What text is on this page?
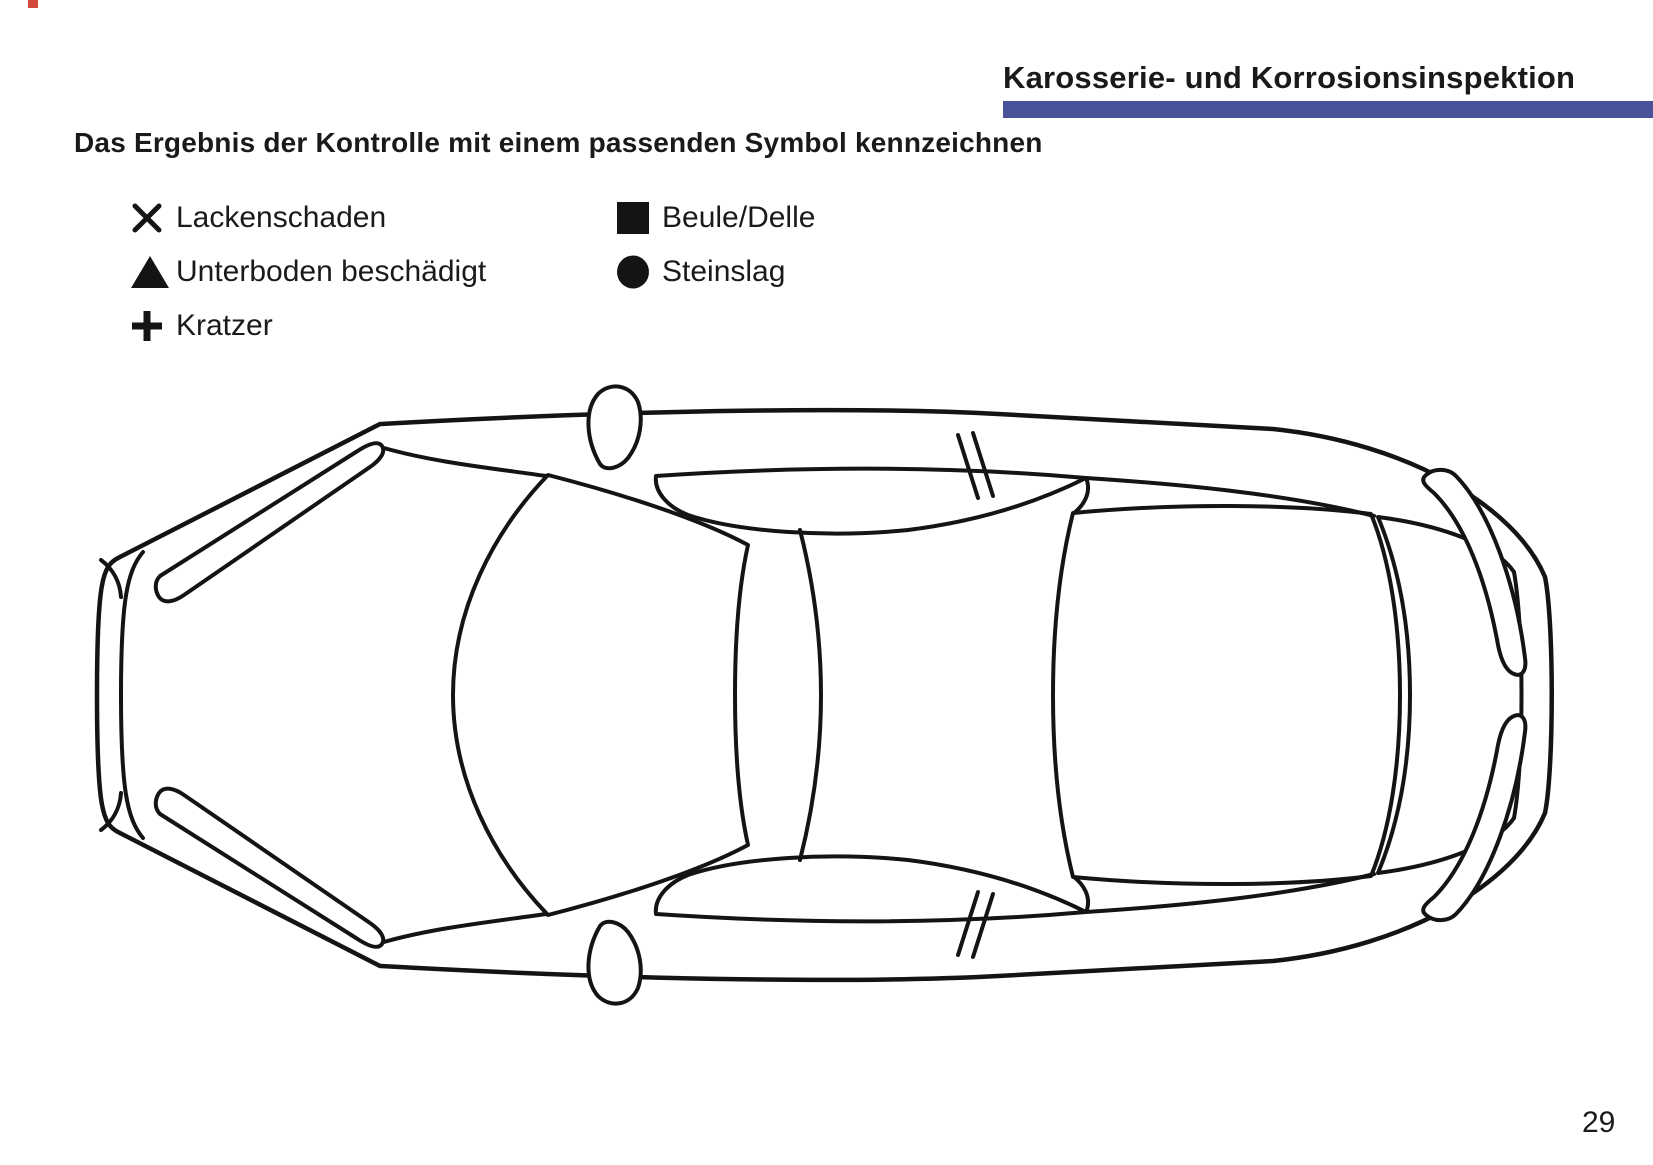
Karosserie- und Korrosionsinspektion
Das Ergebnis der Kontrolle mit einem passenden Symbol kennzeichnen
Lackenschaden
Unterboden beschädigt
Kratzer
Beule/Delle
Steinslag
29
